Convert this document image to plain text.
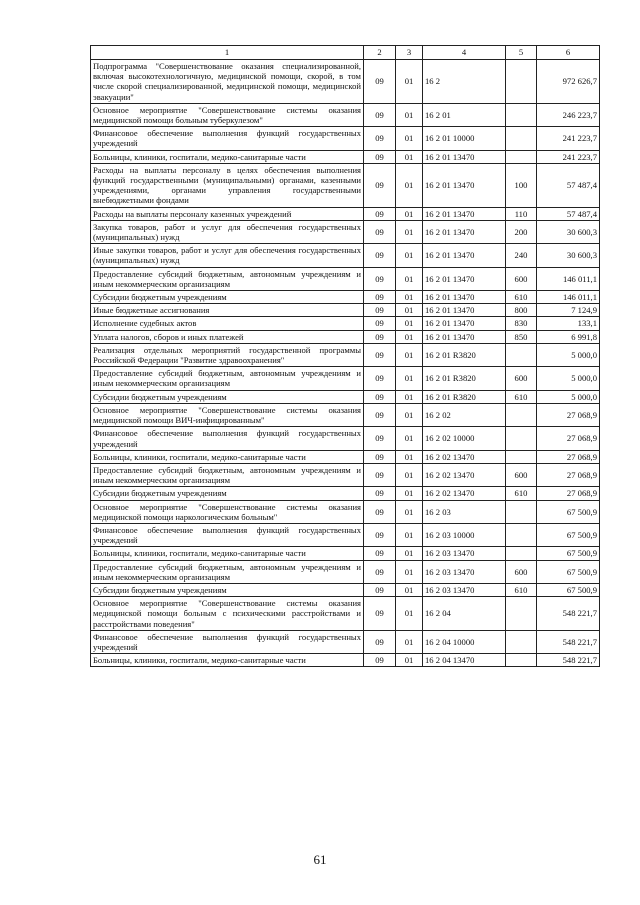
1	2	3	4	5	6
Подпрограмма "Совершенствование оказания специализированной, включая высокотехнологичную, медицинской помощи, скорой, в том числе скорой специализированной, медицинской помощи, медицинской эвакуации"	09	01	16 2		972 626,7
Основное мероприятие "Совершенствование системы оказания медицинской помощи больным туберкулезом"	09	01	16 2 01		246 223,7
Финансовое обеспечение выполнения функций государственных учреждений	09	01	16 2 01 10000		241 223,7
Больницы, клиники, госпитали, медико-санитарные части	09	01	16 2 01 13470		241 223,7
Расходы на выплаты персоналу в целях обеспечения выполнения функций государственными (муниципальными) органами, казенными учреждениями, органами управления государственными внебюджетными фондами	09	01	16 2 01 13470	100	57 487,4
Расходы на выплаты персоналу казенных учреждений	09	01	16 2 01 13470	110	57 487,4
Закупка товаров, работ и услуг для обеспечения государственных (муниципальных) нужд	09	01	16 2 01 13470	200	30 600,3
Иные закупки товаров, работ и услуг для обеспечения государственных (муниципальных) нужд	09	01	16 2 01 13470	240	30 600,3
Предоставление субсидий бюджетным, автономным учреждениям и иным некоммерческим организациям	09	01	16 2 01 13470	600	146 011,1
Субсидии бюджетным учреждениям	09	01	16 2 01 13470	610	146 011,1
Иные бюджетные ассигнования	09	01	16 2 01 13470	800	7 124,9
Исполнение судебных актов	09	01	16 2 01 13470	830	133,1
Уплата налогов, сборов и иных платежей	09	01	16 2 01 13470	850	6 991,8
Реализация отдельных мероприятий государственной программы Российской Федерации "Развитие здравоохранения"	09	01	16 2 01 R3820		5 000,0
Предоставление субсидий бюджетным, автономным учреждениям и иным некоммерческим организациям	09	01	16 2 01 R3820	600	5 000,0
Субсидии бюджетным учреждениям	09	01	16 2 01 R3820	610	5 000,0
Основное мероприятие "Совершенствование системы оказания медицинской помощи ВИЧ-инфицированным"	09	01	16 2 02		27 068,9
Финансовое обеспечение выполнения функций государственных учреждений	09	01	16 2 02 10000		27 068,9
Больницы, клиники, госпитали, медико-санитарные части	09	01	16 2 02 13470		27 068,9
Предоставление субсидий бюджетным, автономным учреждениям и иным некоммерческим организациям	09	01	16 2 02 13470	600	27 068,9
Субсидии бюджетным учреждениям	09	01	16 2 02 13470	610	27 068,9
Основное мероприятие "Совершенствование системы оказания медицинской помощи наркологическим больным"	09	01	16 2 03		67 500,9
Финансовое обеспечение выполнения функций государственных учреждений	09	01	16 2 03 10000		67 500,9
Больницы, клиники, госпитали, медико-санитарные части	09	01	16 2 03 13470		67 500,9
Предоставление субсидий бюджетным, автономным учреждениям и иным некоммерческим организациям	09	01	16 2 03 13470	600	67 500,9
Субсидии бюджетным учреждениям	09	01	16 2 03 13470	610	67 500,9
Основное мероприятие "Совершенствование системы оказания медицинской помощи больным с психическими расстройствами и расстройствами поведения"	09	01	16 2 04		548 221,7
Финансовое обеспечение выполнения функций государственных учреждений	09	01	16 2 04 10000		548 221,7
Больницы, клиники, госпитали, медико-санитарные части	09	01	16 2 04 13470		548 221,7
61
